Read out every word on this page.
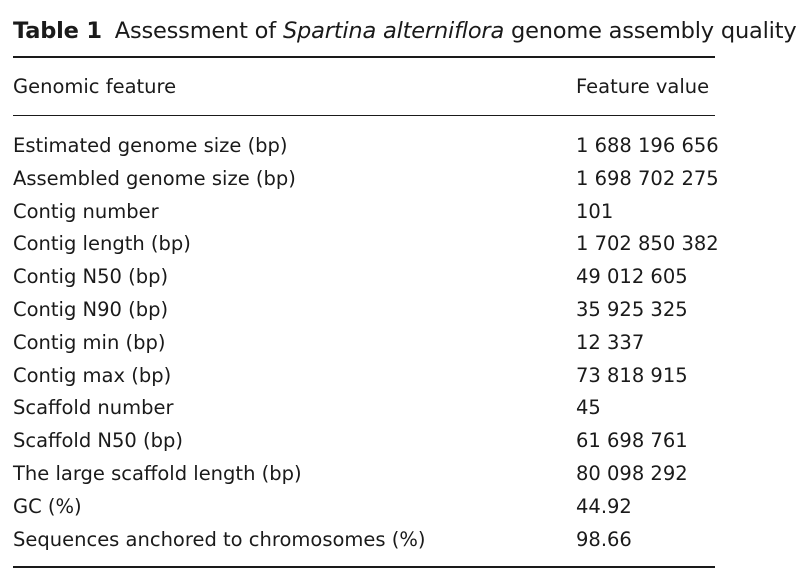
Table 1 Assessment of Spartina alterniflora genome assembly quality
Genomic feature	Feature value
Estimated genome size (bp)	1 688 196 656
Assembled genome size (bp)	1 698 702 275
Contig number	101
Contig length (bp)	1 702 850 382
Contig N50 (bp)	49 012 605
Contig N90 (bp)	35 925 325
Contig min (bp)	12 337
Contig max (bp)	73 818 915
Scaffold number	45
Scaffold N50 (bp)	61 698 761
The large scaffold length (bp)	80 098 292
GC (%)	44.92
Sequences anchored to chromosomes (%)	98.66
